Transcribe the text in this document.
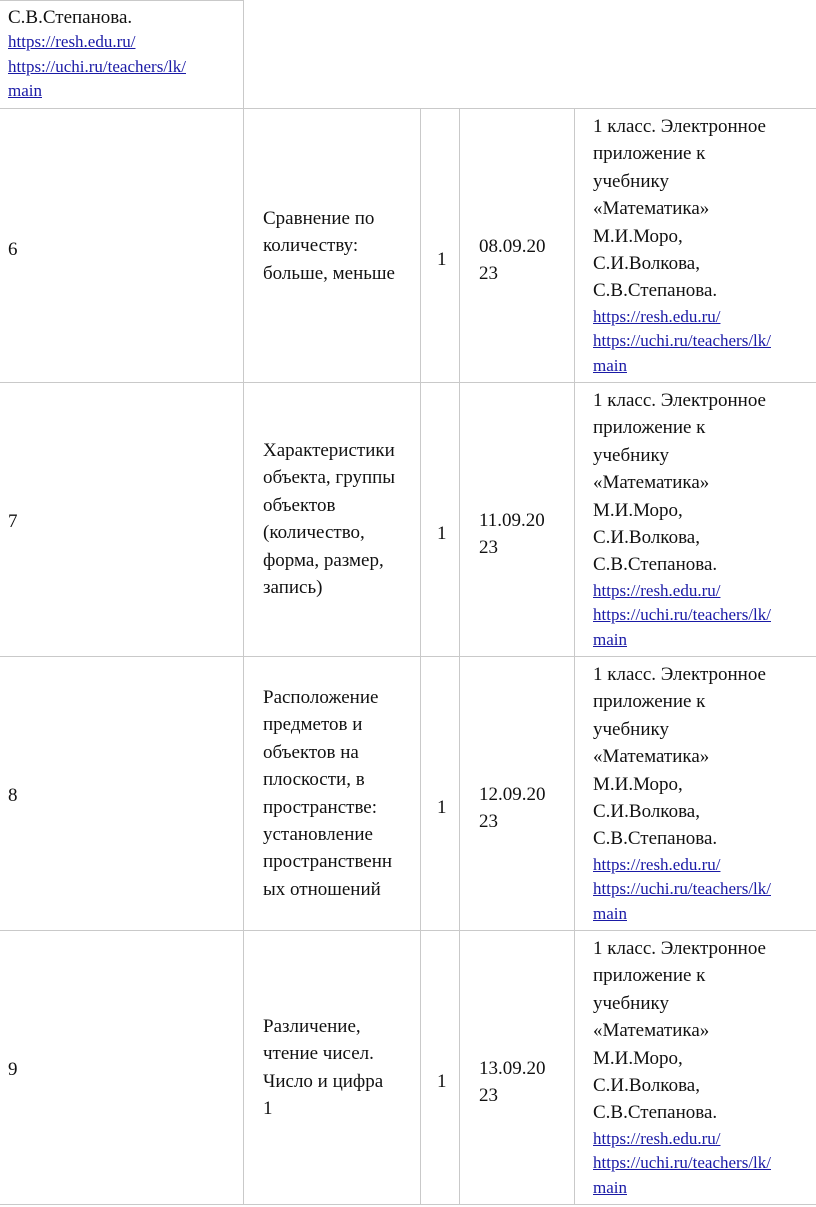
С.В.Степанова.
https://resh.edu.ru/
https://uchi.ru/teachers/lk/
main
6
Сравнение по
количеству:
больше, меньше
1
08.09.20
23
1 класс. Электронное
приложение к
учебнику
«Математика»
М.И.Моро,
С.И.Волкова,
С.В.Степанова.
https://resh.edu.ru/
https://uchi.ru/teachers/lk/
main
7
Характеристики
объекта, группы
объектов
(количество,
форма, размер,
запись)
1
11.09.20
23
1 класс. Электронное
приложение к
учебнику
«Математика»
М.И.Моро,
С.И.Волкова,
С.В.Степанова.
https://resh.edu.ru/
https://uchi.ru/teachers/lk/
main
8
Расположение
предметов и
объектов на
плоскости, в
пространстве:
установление
пространственн
ых отношений
1
12.09.20
23
1 класс. Электронное
приложение к
учебнику
«Математика»
М.И.Моро,
С.И.Волкова,
С.В.Степанова.
https://resh.edu.ru/
https://uchi.ru/teachers/lk/
main
9
Различение,
чтение чисел.
Число и цифра
1
1
13.09.20
23
1 класс. Электронное
приложение к
учебнику
«Математика»
М.И.Моро,
С.И.Волкова,
С.В.Степанова.
https://resh.edu.ru/
https://uchi.ru/teachers/lk/
main
